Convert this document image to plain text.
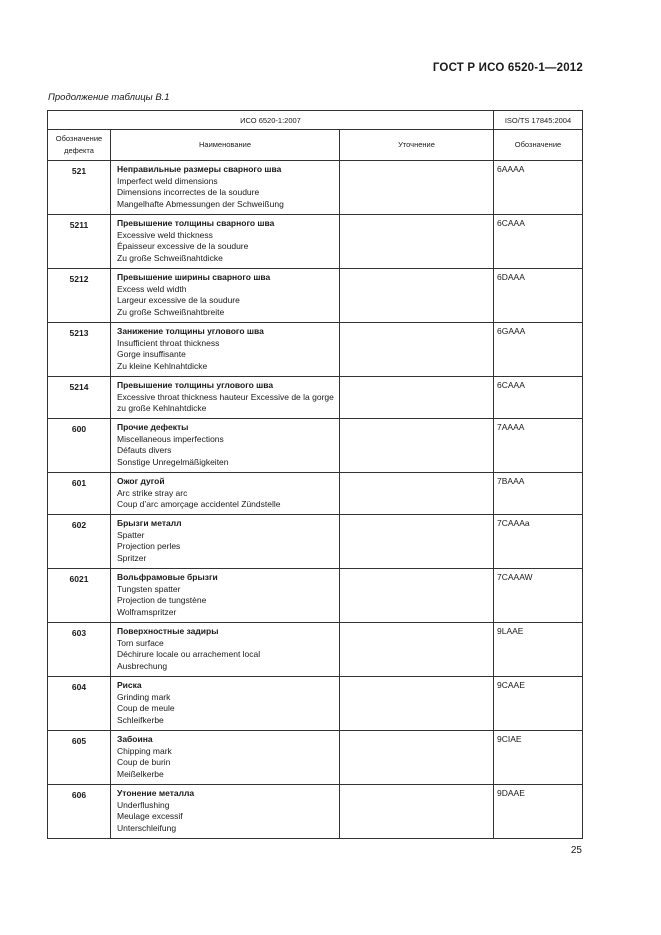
ГОСТ Р ИСО 6520-1—2012
Продолжение таблицы В.1
ИСО 6520-1:2007			ISO/TS 17845:2004
Обозначение дефекта	Наименование	Уточнение	Обозначение
521	Неправильные размеры сварного шва
Imperfect weld dimensions
Dimensions incorrectes de la soudure
Mangelhafte Abmessungen der Schweißung		6AAAA
5211	Превышение толщины сварного шва
Excessive weld thickness
Épaisseur excessive de la soudure
Zu große Schweißnahtdicke		6CAAA
5212	Превышение ширины сварного шва
Excess weld width
Largeur excessive de la soudure
Zu große Schweißnahtbreite		6DAAA
5213	Занижение толщины углового шва
Insufficient throat thickness
Gorge insuffisante
Zu kleine Kehlnahtdicke		6GAAA
5214	Превышение толщины углового шва
Excessive throat thickness hauteur Excessive de la gorge zu große Kehlnahtdicke		6CAAA
600	Прочие дефекты
Miscellaneous imperfections
Défauts divers
Sonstige Unregelmäßigkeiten		7AAAA
601	Ожог дугой
Arc strike stray arc
Coup d’arc amorçage accidentel Zündstelle		7BAAA
602	Брызги металл
Spatter
Projection perles
Spritzer		7CAAAa
6021	Вольфрамовые брызги
Tungsten spatter
Projection de tungstène
Wolframspritzer		7CAAAW
603	Поверхностные задиры
Torn surface
Déchirure locale ou arrachement local
Ausbrechung		9LAAE
604	Риска
Grinding mark
Coup de meule
Schleifkerbe		9CAAE
605	Забоина
Chipping mark
Coup de burin
Meißelkerbe		9CIAE
606	Утонение металла
Underflushing
Meulage excessif
Unterschleifung		9DAAE
25
